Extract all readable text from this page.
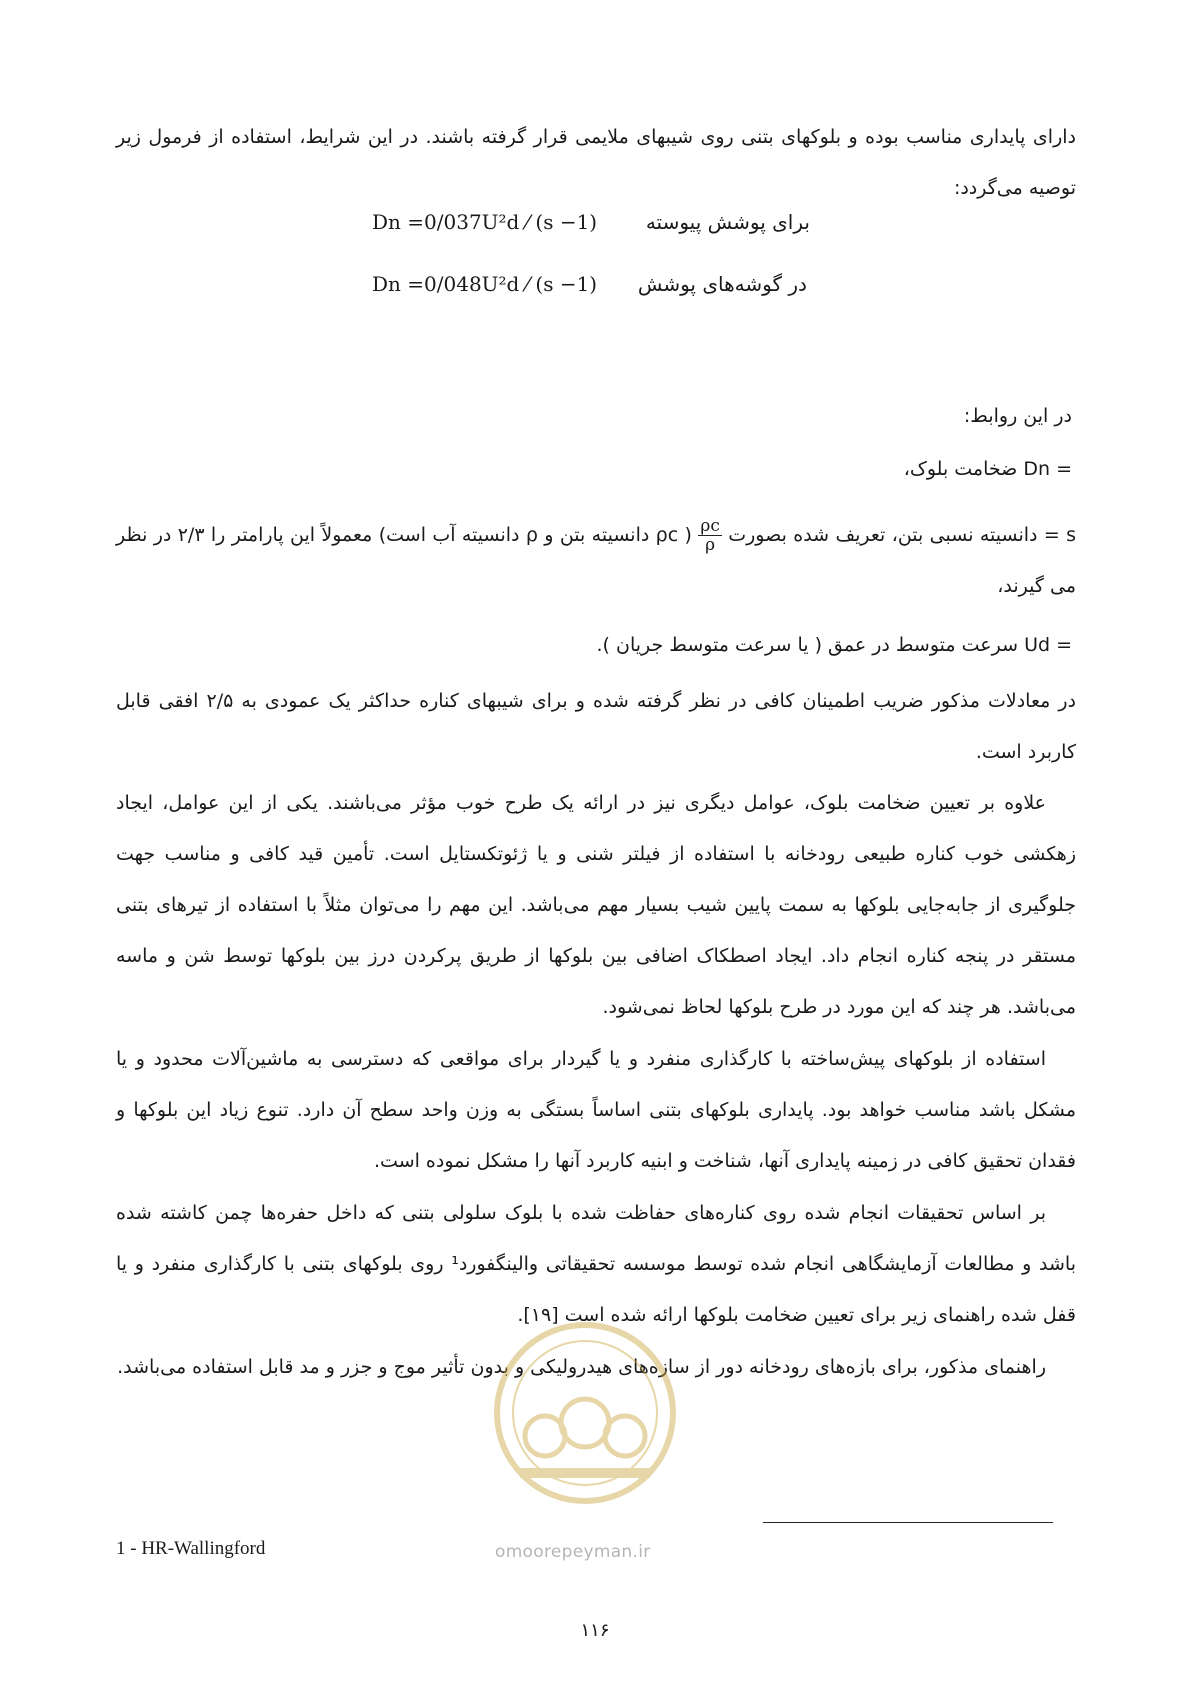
دارای پایداری مناسب بوده و بلوکهای بتنی روی شیبهای ملایمی قرار گرفته باشند. در این شرایط، استفاده از فرمول زیر توصیه می‌گردد:

Dn =0/037U²d ⁄ (s −1) برای پوشش پیوسته
Dn =0/048U²d ⁄ (s −1) در گوشه‌های پوشش
در این روابط:
= Dn ضخامت بلوک،
s = دانسیته نسبی بتن، تعریف شده بصورت
$\frac{\rho c}{\rho}$
( ρc دانسیته بتن و ρ دانسیته آب است) معمولاً این پارامتر را ۲/۳ در نظر می گیرند،
= Ud سرعت متوسط در عمق ( یا سرعت متوسط جریان ).

در معادلات مذکور ضریب اطمینان کافی در نظر گرفته شده و برای شیبهای کناره حداکثر یک عمودی به ۲/۵ افقی قابل کاربرد است.

علاوه بر تعیین ضخامت بلوک، عوامل دیگری نیز در ارائه یک طرح خوب مؤثر می‌باشند. یکی از این عوامل، ایجاد زهکشی خوب کناره طبیعی رودخانه با استفاده از فیلتر شنی و یا ژئوتکستایل است. تأمین قید کافی و مناسب جهت جلوگیری از جابه‌جایی بلوکها به سمت پایین شیب بسیار مهم می‌باشد. این مهم را می‌توان مثلاً با استفاده از تیرهای بتنی مستقر در پنجه کناره انجام داد. ایجاد اصطکاک اضافی بین بلوکها از طریق پرکردن درز بین بلوکها توسط شن و ماسه می‌باشد. هر چند که این مورد در طرح بلوکها لحاظ نمی‌شود.

استفاده از بلوکهای پیش‌ساخته با کارگذاری منفرد و یا گیردار برای مواقعی که دسترسی به ماشین‌آلات محدود و یا مشکل باشد مناسب خواهد بود. پایداری بلوکهای بتنی اساساً بستگی به وزن واحد سطح آن دارد. تنوع زیاد این بلوکها و فقدان تحقیق کافی در زمینه پایداری آنها، شناخت و ابنیه کاربرد آنها را مشکل نموده است.

بر اساس تحقیقات انجام شده روی کناره‌های حفاظت شده با بلوک سلولی بتنی که داخل حفره‌ها چمن کاشته شده باشد و مطالعات آزمایشگاهی انجام شده توسط موسسه تحقیقاتی والینگفورد¹ روی بلوکهای بتنی با کارگذاری منفرد و یا قفل شده راهنمای زیر برای تعیین ضخامت بلوکها ارائه شده است [۱۹].

راهنمای مذکور، برای بازه‌های رودخانه دور از سازه‌های هیدرولیکی و بدون تأثیر موج و جزر و مد قابل استفاده می‌باشد.

1 - HR-Wallingford	omoorepeyman.ir
۱۱۶
